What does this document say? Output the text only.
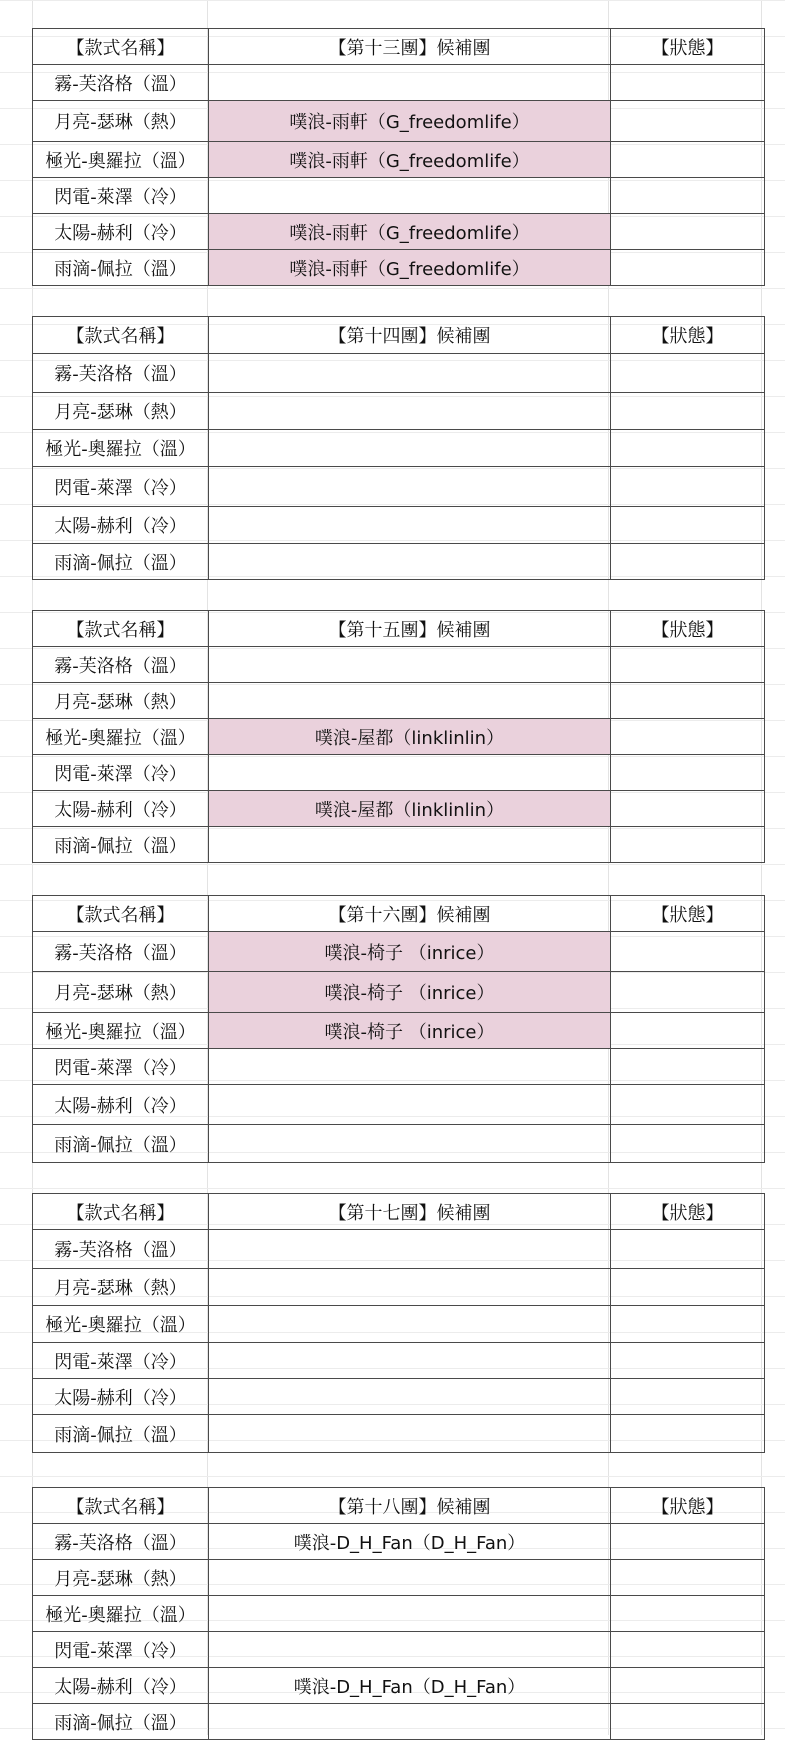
【款式名稱】	【第十三團】候補團	【狀態】
霧-芙洛格（溫）		
月亮-瑟琳（熱）	噗浪-雨軒（G_freedomlife）	
極光-奧羅拉（溫）	噗浪-雨軒（G_freedomlife）	
閃電-萊澤（冷）		
太陽-赫利（冷）	噗浪-雨軒（G_freedomlife）	
雨滴-佩拉（溫）	噗浪-雨軒（G_freedomlife）	
【款式名稱】	【第十四團】候補團	【狀態】
霧-芙洛格（溫）		
月亮-瑟琳（熱）		
極光-奧羅拉（溫）		
閃電-萊澤（冷）		
太陽-赫利（冷）		
雨滴-佩拉（溫）		
【款式名稱】	【第十五團】候補團	【狀態】
霧-芙洛格（溫）		
月亮-瑟琳（熱）		
極光-奧羅拉（溫）	噗浪-屋都（linklinlin）	
閃電-萊澤（冷）		
太陽-赫利（冷）	噗浪-屋都（linklinlin）	
雨滴-佩拉（溫）		
【款式名稱】	【第十六團】候補團	【狀態】
霧-芙洛格（溫）	噗浪-椅子 （inrice）	
月亮-瑟琳（熱）	噗浪-椅子 （inrice）	
極光-奧羅拉（溫）	噗浪-椅子 （inrice）	
閃電-萊澤（冷）		
太陽-赫利（冷）		
雨滴-佩拉（溫）		
【款式名稱】	【第十七團】候補團	【狀態】
霧-芙洛格（溫）		
月亮-瑟琳（熱）		
極光-奧羅拉（溫）		
閃電-萊澤（冷）		
太陽-赫利（冷）		
雨滴-佩拉（溫）		
【款式名稱】	【第十八團】候補團	【狀態】
霧-芙洛格（溫）	噗浪-D_H_Fan（D_H_Fan）	
月亮-瑟琳（熱）		
極光-奧羅拉（溫）		
閃電-萊澤（冷）		
太陽-赫利（冷）	噗浪-D_H_Fan（D_H_Fan）	
雨滴-佩拉（溫）		
